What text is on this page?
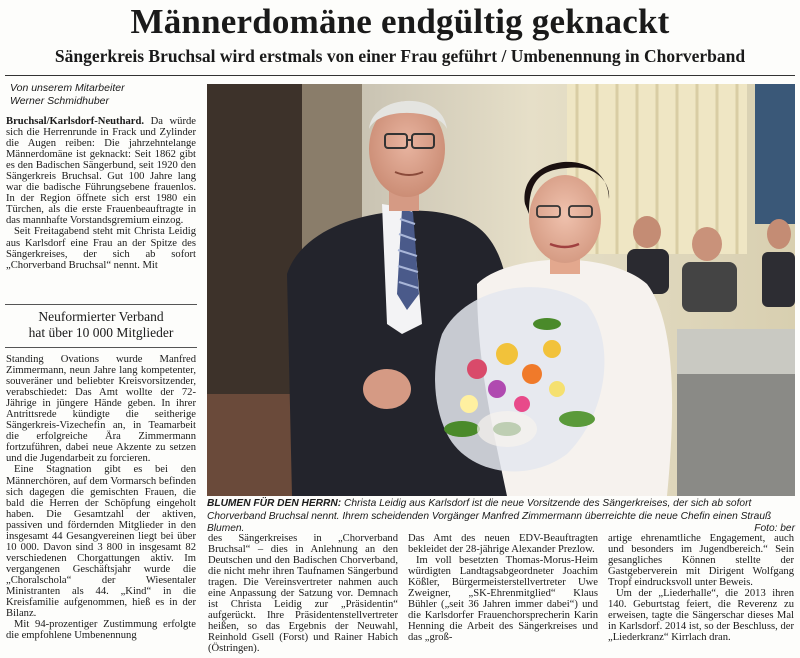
Männerdomäne endgültig geknackt
Sängerkreis Bruchsal wird erstmals von einer Frau geführt / Umbenennung in Chorverband
Von unserem Mitarbeiter
Werner Schmidhuber

Bruchsal/Karlsdorf-Neuthard. Da würde sich die Herrenrunde in Frack und Zylinder die Augen reiben: Die jahrzehntelange Männerdomäne ist geknackt: Seit 1862 gibt es den Badischen Sängerbund, seit 1920 den Sängerkreis Bruchsal. Gut 100 Jahre lang war die badische Führungsebene frauenlos. In der Region öffnete sich erst 1980 ein Türchen, als die erste Frauenbeauftragte in das mannhafte Vorstandsgremium einzog.

Seit Freitagabend steht mit Christa Leidig aus Karlsdorf eine Frau an der Spitze des Sängerkreises, der sich ab sofort „Chorverband Bruchsal“ nennt. Mit

Neuformierter Verband
hat über 10 000 Mitglieder

Standing Ovations wurde Manfred Zimmermann, neun Jahre lang kompetenter, souveräner und beliebter Kreisvorsitzender, verabschiedet: Das Amt wollte der 72-Jährige in jüngere Hände geben. In ihrer Antrittsrede kündigte die seitherige Sängerkreis-Vizechefin an, in Teamarbeit die erfolgreiche Ära Zimmermann fortzuführen, dabei neue Akzente zu setzen und die Jugendarbeit zu forcieren.

Eine Stagnation gibt es bei den Männerchören, auf dem Vormarsch befinden sich dagegen die gemischten Frauen, die bald die Herren der Schöpfung eingeholt haben. Die Gesamtzahl der aktiven, passiven und fördernden Mitglieder in den insgesamt 44 Gesangvereinen liegt bei über 10 000. Davon sind 3 800 in insgesamt 82 verschiedenen Chorgattungen aktiv. Im vergangenen Geschäftsjahr wurde die „Choralschola“ der Wiesentaler Ministranten als 44. „Kind“ in die Kreisfamilie aufgenommen, hieß es in der Bilanz.

Mit 94-prozentiger Zustimmung erfolgte die empfohlene Umbenennung

BLUMEN FÜR DEN HERRN: Christa Leidig aus Karlsdorf ist die neue Vorsitzende des Sängerkreises, der sich ab sofort Chorverband Bruchsal nennt. Ihrem scheidenden Vorgänger Manfred Zimmermann überreichte die neue Chefin einen Strauß Blumen.	Foto: ber

des Sängerkreises in „Chorverband Bruchsal“ – dies in Anlehnung an den Deutschen und den Badischen Chorverband, die nicht mehr ihren Taufnamen Sängerbund tragen. Die Vereinsvertreter nahmen auch eine Anpassung der Satzung vor. Demnach ist Christa Leidig zur „Präsidentin“ aufgerückt. Ihre Präsidentenstellvertreter heißen, so das Ergebnis der Neuwahl, Reinhold Gsell (Forst) und Rainer Habich (Östringen).

Das Amt des neuen EDV-Beauftragten bekleidet der 28-jährige Alexander Prezlow.

Im voll besetzten Thomas-Morus-Heim würdigten Landtagsabgeordneter Joachim Kößler, Bürgermeisterstellvertreter Uwe Zweigner, „SK-Ehrenmitglied“ Klaus Bühler („seit 36 Jahren immer dabei“) und die Karlsdorfer Frauenchorsprecherin Karin Henning die Arbeit des Sängerkreises und das „groß-

artige ehrenamtliche Engagement, auch und besonders im Jugendbereich.“ Sein gesangliches Können stellte der Gastgeberverein mit Dirigent Wolfgang Tropf eindrucksvoll unter Beweis.

Um der „Liederhalle“, die 2013 ihren 140. Geburtstag feiert, die Reverenz zu erweisen, tagte die Sängerschar dieses Mal in Karlsdorf. 2014 ist, so der Beschluss, der „Liederkranz“ Kirrlach dran.
